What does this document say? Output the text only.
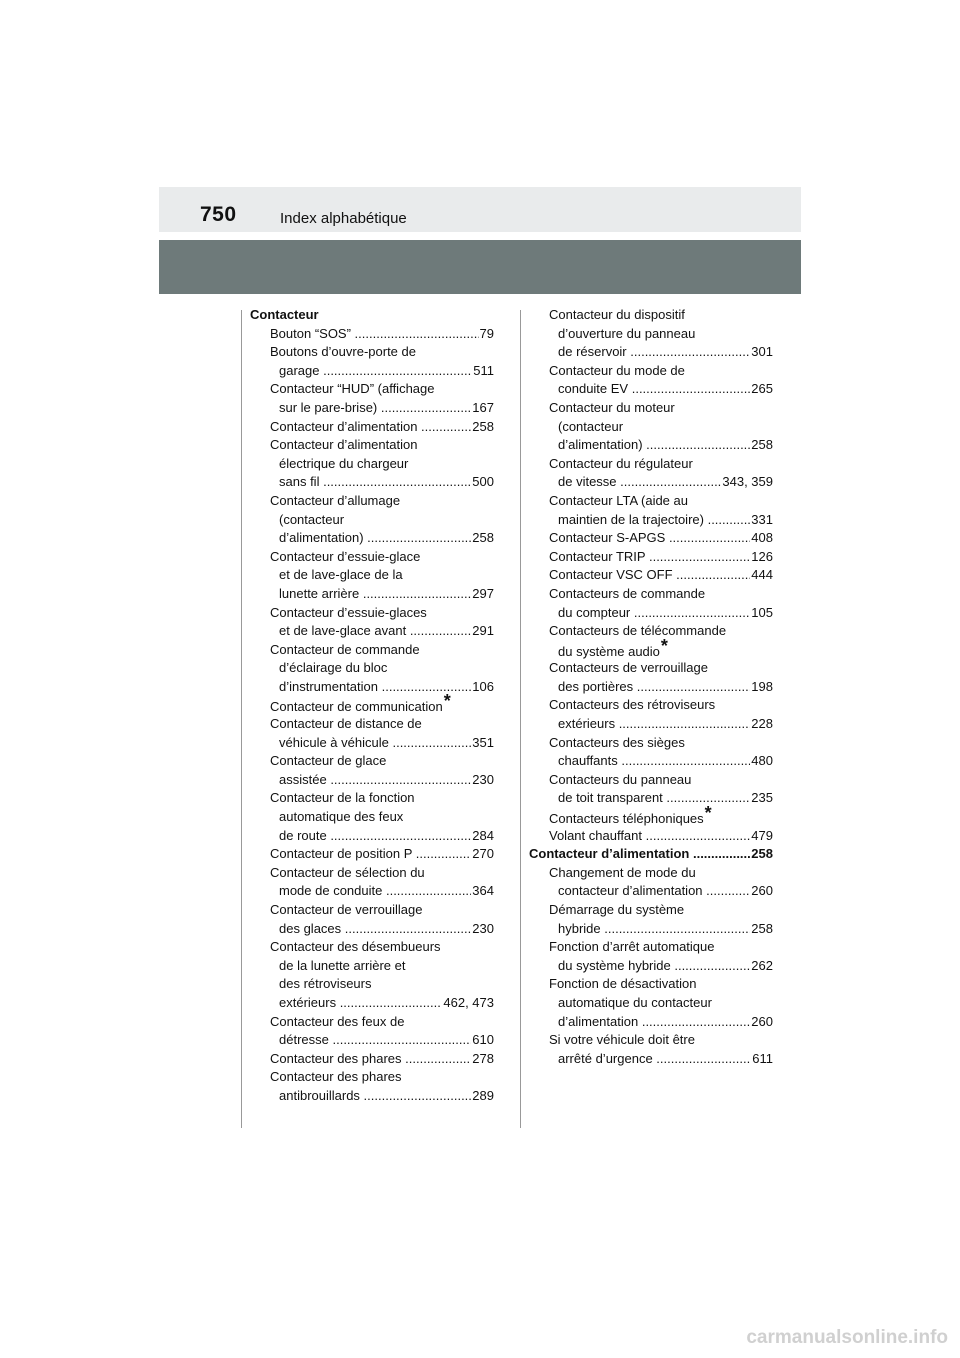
750	Index alphabétique
Contacteur
Bouton “SOS” .....	79
Boutons d’ouvre-porte de
garage .....	511
Contacteur “HUD” (affichage
sur le pare-brise) .....	167
Contacteur d’alimentation .....	258
Contacteur d’alimentation
électrique du chargeur
sans fil .....	500
Contacteur d’allumage
(contacteur
d’alimentation) .....	258
Contacteur d’essuie-glace
et de lave-glace de la
lunette arrière .....	297
Contacteur d’essuie-glaces
et de lave-glace avant .....	291
Contacteur de commande
d’éclairage du bloc
d’instrumentation .....	106
Contacteur de communication*
Contacteur de distance de
véhicule à véhicule .....	351
Contacteur de glace
assistée .....	230
Contacteur de la fonction
automatique des feux
de route .....	284
Contacteur de position P .....	270
Contacteur de sélection du
mode de conduite .....	364
Contacteur de verrouillage
des glaces .....	230
Contacteur des désembueurs
de la lunette arrière et
des rétroviseurs
extérieurs .....	462, 473
Contacteur des feux de
détresse .....	610
Contacteur des phares .....	278
Contacteur des phares
antibrouillards .....	289
Contacteur du dispositif
d’ouverture du panneau
de réservoir .....	301
Contacteur du mode de
conduite EV .....	265
Contacteur du moteur
(contacteur
d’alimentation) .....	258
Contacteur du régulateur
de vitesse .....	343, 359
Contacteur LTA (aide au
maintien de la trajectoire) .....	331
Contacteur S-APGS .....	408
Contacteur TRIP .....	126
Contacteur VSC OFF .....	444
Contacteurs de commande
du compteur .....	105
Contacteurs de télécommande
du système audio*
Contacteurs de verrouillage
des portières .....	198
Contacteurs des rétroviseurs
extérieurs .....	228
Contacteurs des sièges
chauffants .....	480
Contacteurs du panneau
de toit transparent .....	235
Contacteurs téléphoniques*
Volant chauffant .....	479
Contacteur d’alimentation .....	258
Changement de mode du
contacteur d’alimentation .....	260
Démarrage du système
hybride .....	258
Fonction d’arrêt automatique
du système hybride .....	262
Fonction de désactivation
automatique du contacteur
d’alimentation .....	260
Si votre véhicule doit être
arrêté d’urgence .....	611
carmanualsonline.info
